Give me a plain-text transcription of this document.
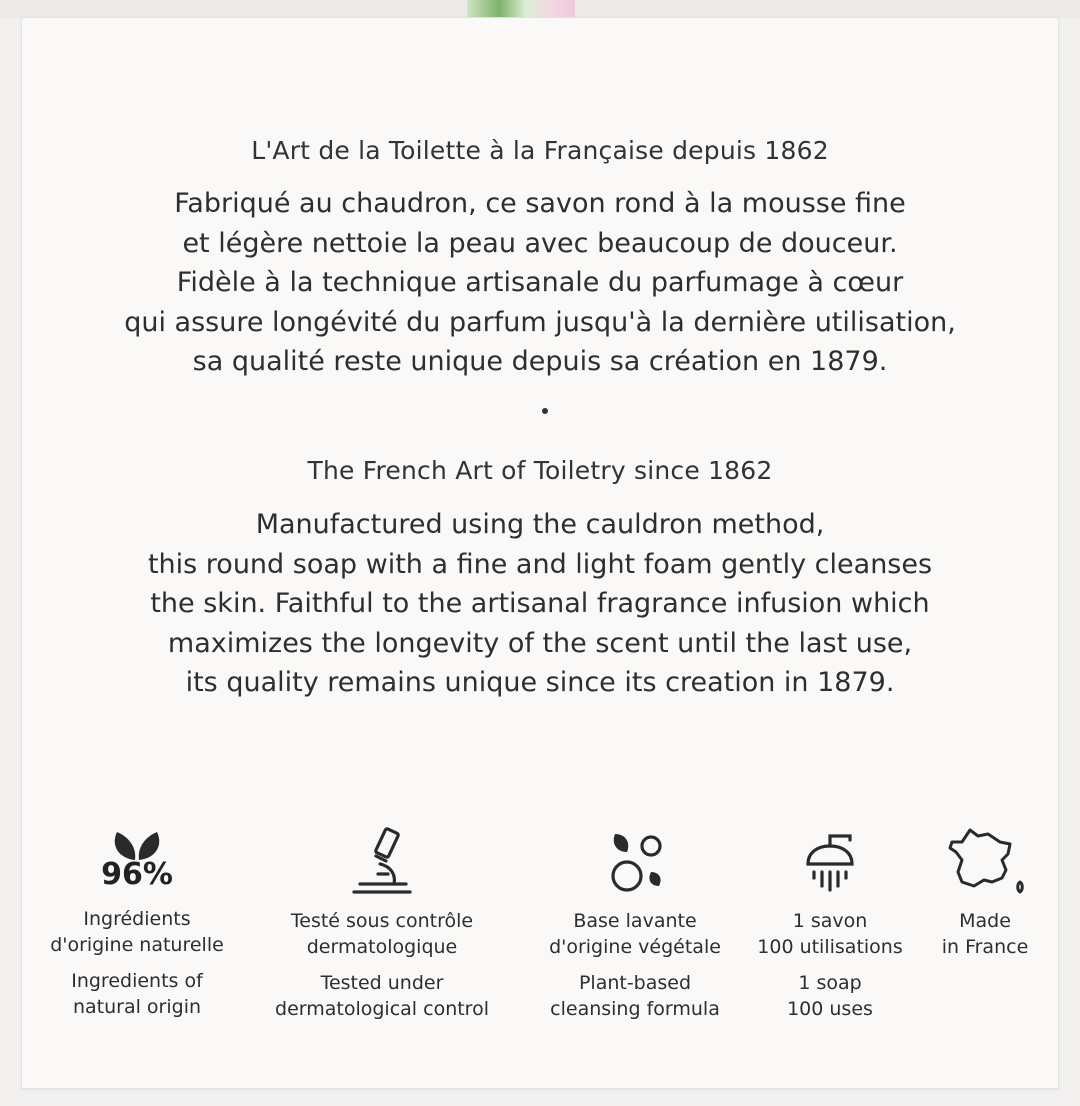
L'Art de la Toilette à la Française depuis 1862
Fabriqué au chaudron, ce savon rond à la mousse fine
et légère nettoie la peau avec beaucoup de douceur.
Fidèle à la technique artisanale du parfumage à cœur
qui assure longévité du parfum jusqu'à la dernière utilisation,
sa qualité reste unique depuis sa création en 1879.
The French Art of Toiletry since 1862
Manufactured using the cauldron method,
this round soap with a fine and light foam gently cleanses
the skin. Faithful to the artisanal fragrance infusion which
maximizes the longevity of the scent until the last use,
its quality remains unique since its creation in 1879.
96%
Ingrédients
d'origine naturelle
Ingredients of
natural origin
Testé sous contrôle
dermatologique
Tested under
dermatological control
Base lavante
d'origine végétale
Plant-based
cleansing formula
1 savon
100 utilisations
1 soap
100 uses
Made
in France
